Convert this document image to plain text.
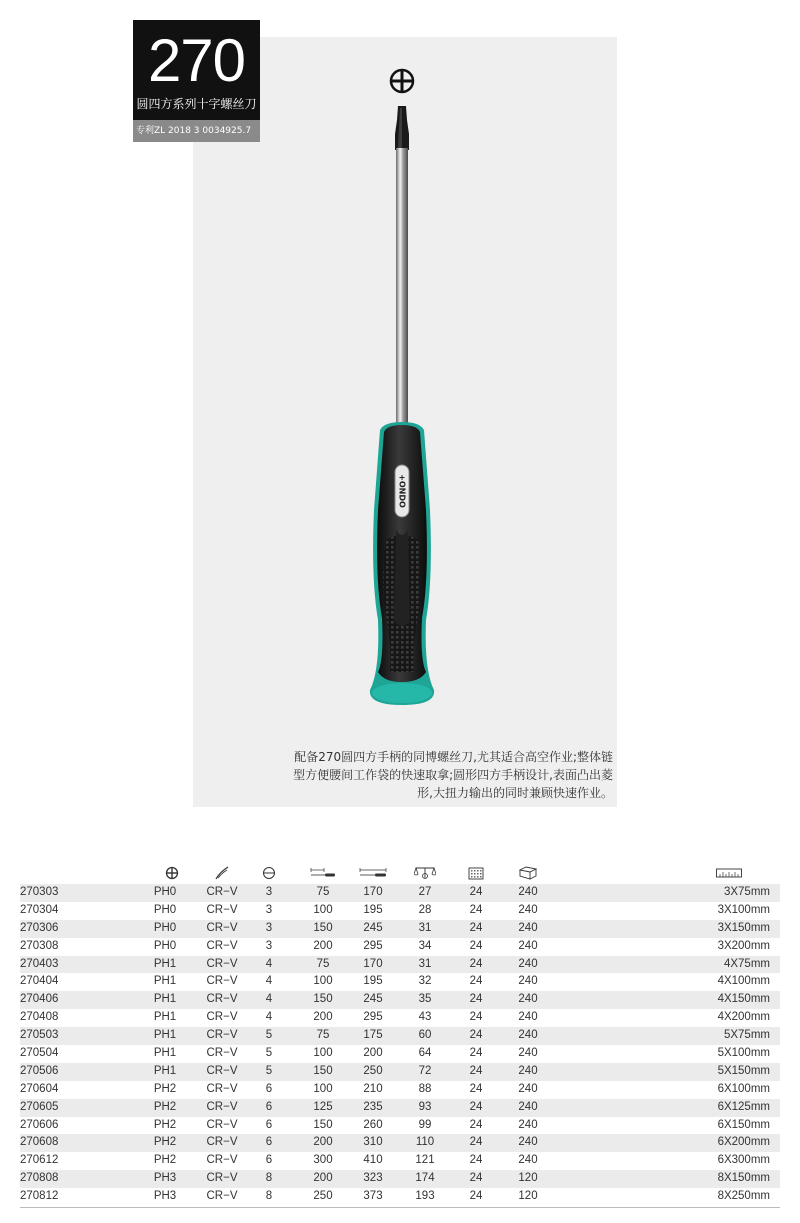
270
圆四方系列十字螺丝刀
专利ZL 2018 3 0034925.7
+ONDO
配备270圆四方手柄的同博螺丝刀,尤其适合高空作业;整体链
型方便腰间工作袋的快速取拿;圆形四方手柄设计,表面凸出菱
形,大扭力输出的同时兼顾快速作业。
270303	PH0	CR−V	3	75	170	27	24	240	3X75mm
270304	PH0	CR−V	3	100	195	28	24	240	3X100mm
270306	PH0	CR−V	3	150	245	31	24	240	3X150mm
270308	PH0	CR−V	3	200	295	34	24	240	3X200mm
270403	PH1	CR−V	4	75	170	31	24	240	4X75mm
270404	PH1	CR−V	4	100	195	32	24	240	4X100mm
270406	PH1	CR−V	4	150	245	35	24	240	4X150mm
270408	PH1	CR−V	4	200	295	43	24	240	4X200mm
270503	PH1	CR−V	5	75	175	60	24	240	5X75mm
270504	PH1	CR−V	5	100	200	64	24	240	5X100mm
270506	PH1	CR−V	5	150	250	72	24	240	5X150mm
270604	PH2	CR−V	6	100	210	88	24	240	6X100mm
270605	PH2	CR−V	6	125	235	93	24	240	6X125mm
270606	PH2	CR−V	6	150	260	99	24	240	6X150mm
270608	PH2	CR−V	6	200	310	110	24	240	6X200mm
270612	PH2	CR−V	6	300	410	121	24	240	6X300mm
270808	PH3	CR−V	8	200	323	174	24	120	8X150mm
270812	PH3	CR−V	8	250	373	193	24	120	8X250mm
